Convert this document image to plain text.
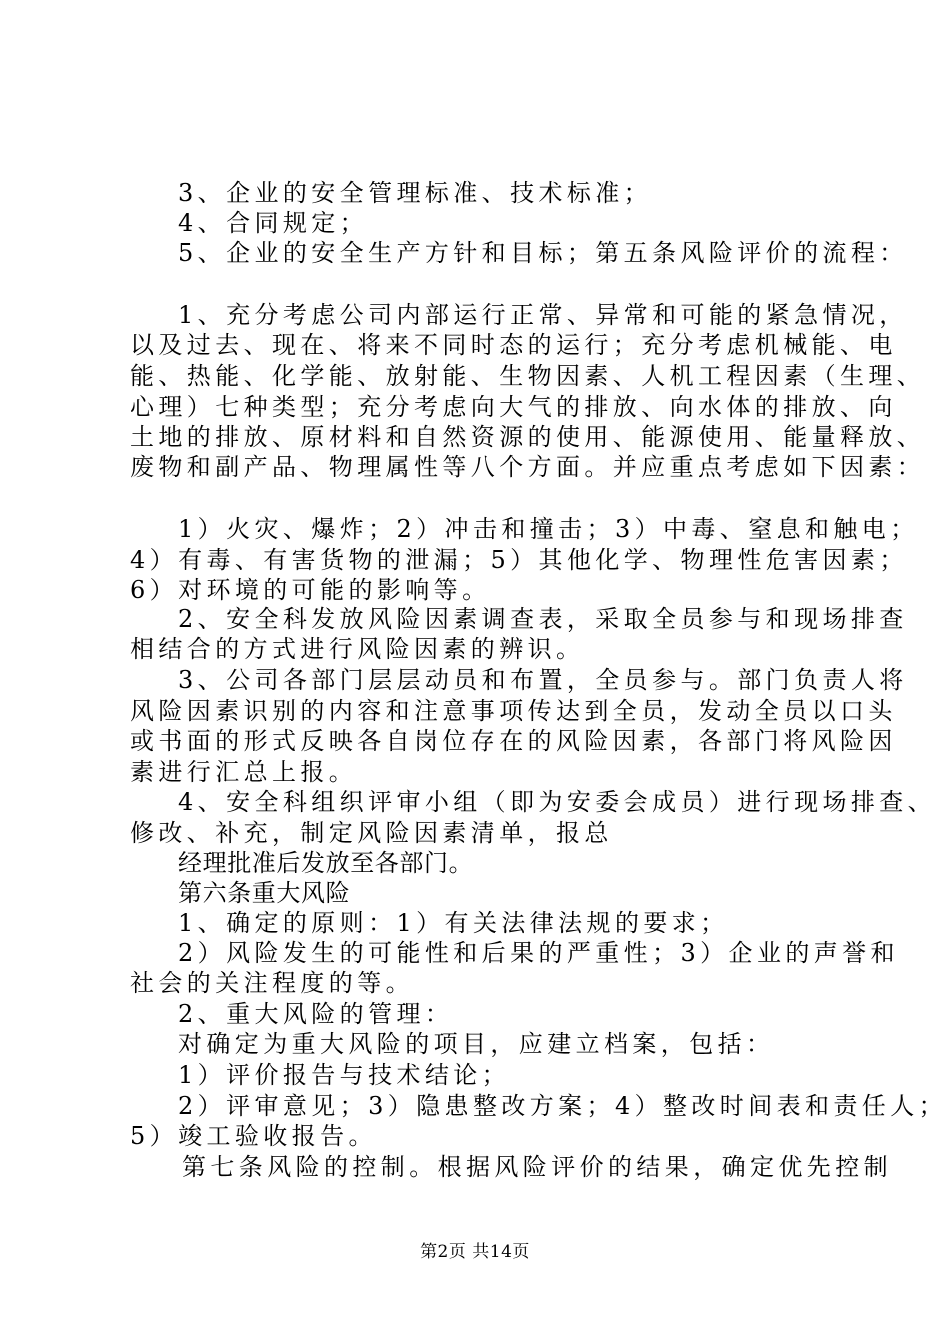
3、企业的安全管理标准、技术标准；
4、合同规定；
5、企业的安全生产方针和目标；第五条风险评价的流程：
1、充分考虑公司内部运行正常、异常和可能的紧急情况，
以及过去、现在、将来不同时态的运行；充分考虑机械能、电
能、热能、化学能、放射能、生物因素、人机工程因素（生理、
心理）七种类型；充分考虑向大气的排放、向水体的排放、向
土地的排放、原材料和自然资源的使用、能源使用、能量释放、
废物和副产品、物理属性等八个方面。并应重点考虑如下因素：
1）火灾、爆炸；2）冲击和撞击；3）中毒、窒息和触电；
4）有毒、有害货物的泄漏；5）其他化学、物理性危害因素；
6）对环境的可能的影响等。
2、安全科发放风险因素调查表，采取全员参与和现场排查
相结合的方式进行风险因素的辨识。
3、公司各部门层层动员和布置，全员参与。部门负责人将
风险因素识别的内容和注意事项传达到全员，发动全员以口头
或书面的形式反映各自岗位存在的风险因素，各部门将风险因
素进行汇总上报。
4、安全科组织评审小组（即为安委会成员）进行现场排查、
修改、补充，制定风险因素清单，报总
经理批准后发放至各部门。
第六条重大风险
1、确定的原则：1）有关法律法规的要求；
2）风险发生的可能性和后果的严重性；3）企业的声誉和
社会的关注程度的等。
2、重大风险的管理：
对确定为重大风险的项目，应建立档案，包括：
1）评价报告与技术结论；
2）评审意见；3）隐患整改方案；4）整改时间表和责任人；
5）竣工验收报告。
第七条风险的控制。根据风险评价的结果，确定优先控制
第2页 共14页
